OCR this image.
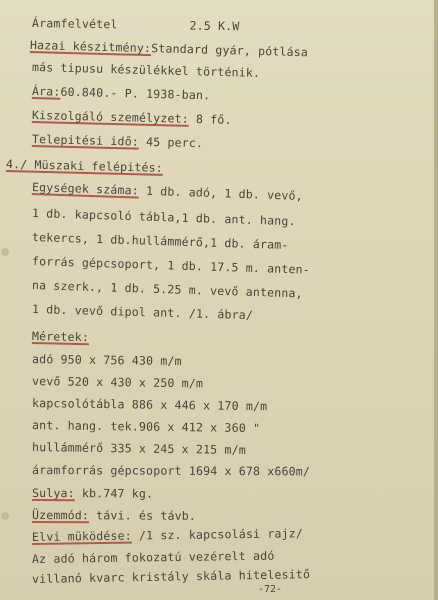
Áramfelvétel	2.5 K.W
Hazai készitmény:Standard gyár, pótlása
más tipusu készülékkel történik.
Ára:60.840.- P. 1938-ban.
Kiszolgáló személyzet: 8 fő.
Telepitési idő: 45 perc.
4./ Müszaki felépités:
Egységek száma: 1 db. adó, 1 db. vevő,
1 db. kapcsoló tábla,1 db. ant. hang.
tekercs, 1 db.hullámmérő,1 db. áram-
forrás gépcsoport, 1 db. 17.5 m. anten-
na szerk., 1 db. 5.25 m. vevő antenna,
1 db. vevő dipol ant. /1. ábra/
Méretek:
adó 950 x 756 430 m/m
vevő 520 x 430 x 250 m/m
kapcsolótábla 886 x 446 x 170 m/m
ant. hang. tek.906 x 412 x 360 "
hullámmérő 335 x 245 x 215 m/m
áramforrás gépcsoport 1694 x 678 x660m/
Sulya: kb.747 kg.
Üzemmód: távi. és távb.
Elvi müködése: /1 sz. kapcsolási rajz/
Az adó három fokozatú vezérelt adó
villanó kvarc kristály skála hitelesitő
-72-
